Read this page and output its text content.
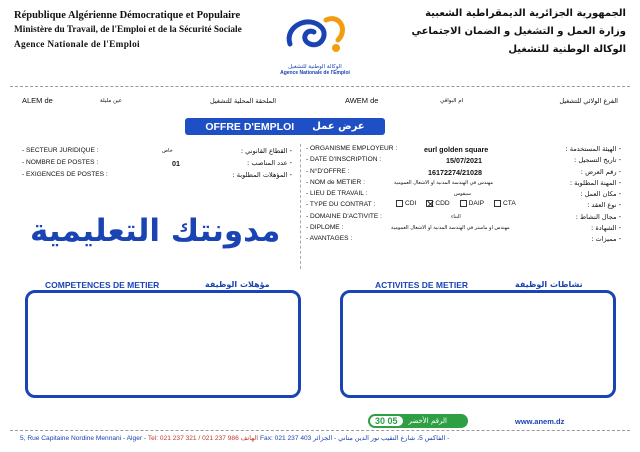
République Algérienne Démocratique et Populaire
Ministère du Travail, de l'Emploi et de la Sécurité Sociale
Agence Nationale de l'Emploi
الجمهورية الجزائرية الديمقراطية الشعبية
وزارة العمل و التشغيل و الضمان الاجتماعي
الوكالة الوطنية للتشغيل
الوكالة الوطنية للتشغيل
Agence Nationale de l'Emploi
ALEM de	عين مليلة	الملحقة المحلية للتشغيل	AWEM de	ام البواقي	الفرع الولائي للتشغيل
OFFRE D'EMPLOI عرض عمل
- SECTEUR JURIDIQUE :	خاص	- القطاع القانوني :
- NOMBRE DE POSTES :	01	- عدد المناصب :
- EXIGENCES DE POSTES :	- المؤهلات المطلوبة :
- ORGANISME EMPLOYEUR :	eurl golden square	- الهيئة المستخدمة :
- DATE D'INSCRIPTION :	15/07/2021	- تاريخ التسجيل :
- N°D'OFFRE :	16172274/21028	- رقم العرض :
- NOM de METIER :	مهندس في الهندسة المدنية او الاشغال العمومية	- المهنة المطلوبة :
- LIEU DE TRAVAIL :	سيقوس	- مكان العمل :
- TYPE DU CONTRAT :	CDI	CDD	DAIP	CTA	- نوع العقد :
- DOMAINE D'ACTIVITE :	البناء	- مجال النشاط :
- DIPLOME :	مهندس او ماستر في الهندسة المدنية او الاشغال العمومية	- الشهادة :
- AVANTAGES :	- مميزات :
مدونتك التعليمية
COMPETENCES DE METIER	مؤهلات الوظيفة	ACTIVITES DE METIER	نشاطات الوظيفة
30 05	الرقم الأخضر	www.anem.dz
5, Rue Capitaine Nordine Mennani - Alger - Tel: 021 237 321 / 021 237 986 الهاتف Fax: 021 237 403	الفاكس 5، شارع النقيب نور الدين مناني - الجزائر -
